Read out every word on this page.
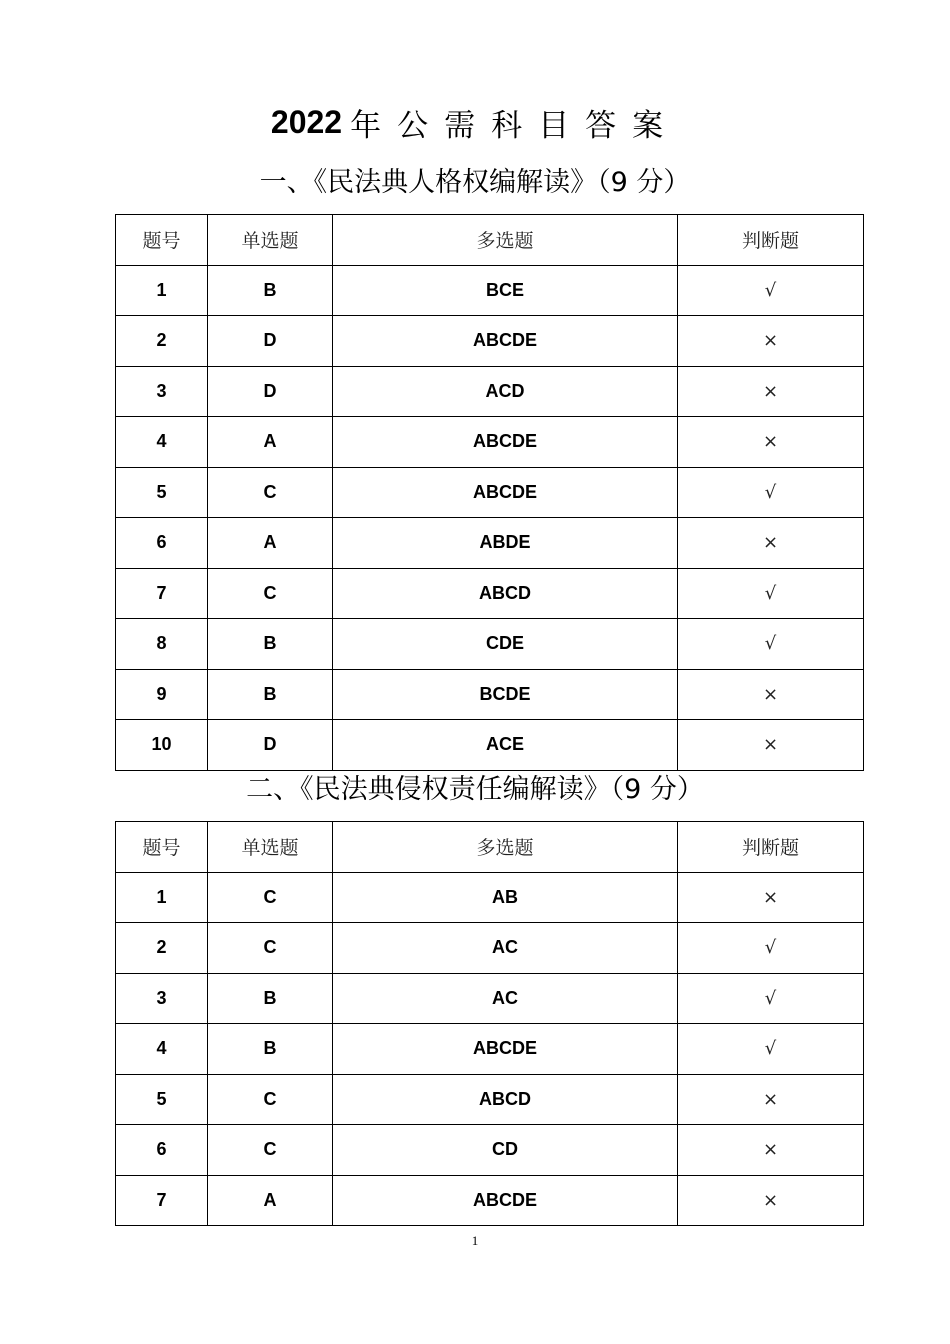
2022 年公需科目答案
一、《民法典人格权编解读》（9 分）
题号	单选题	多选题	判断题
1	B	BCE	√
2	D	ABCDE	×
3	D	ACD	×
4	A	ABCDE	×
5	C	ABCDE	√
6	A	ABDE	×
7	C	ABCD	√
8	B	CDE	√
9	B	BCDE	×
10	D	ACE	×
二、《民法典侵权责任编解读》（9 分）
题号	单选题	多选题	判断题
1	C	AB	×
2	C	AC	√
3	B	AC	√
4	B	ABCDE	√
5	C	ABCD	×
6	C	CD	×
7	A	ABCDE	×
1
